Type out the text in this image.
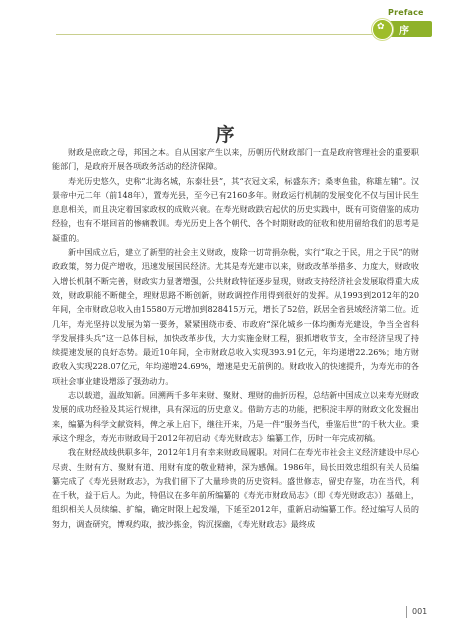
Preface
✿ 序
序

财政是庶政之母，邦国之本。自从国家产生以来，历朝历代财政部门一直是政府管理社会的重要职能部门，是政府开展各项政务活动的经济保障。

寿光历史悠久，史称“北海名城，东泰壮县”，其“衣冠文采，标盛东齐；桑枣鱼盐，称雄左辅”。汉景帝中元二年（前148年），置寿光县，至今已有2160多年。财政运行机制的发展变化不仅与国计民生息息相关，而且决定着国家政权的成败兴衰。在寿光财政跌宕起伏的历史实践中，既有可资借鉴的成功经验，也有不堪回首的惨痛教训。寿光历史上各个朝代、各个时期财政的征收和使用留给我们的思考是凝重的。

新中国成立后，建立了新型的社会主义财政，废除一切苛捐杂税，实行“取之于民，用之于民”的财政政策，努力促产增收，迅速发展国民经济。尤其是寿光建市以来，财政改革举措多、力度大，财政收入增长机制不断完善，财政实力显著增强，公共财政特征逐步显现，财政支持经济社会发展取得重大成效，财政职能不断健全，理财思路不断创新，财政调控作用得到很好的发挥。从1993到2012年的20年间，全市财政总收入由15580万元增加到828415万元，增长了52倍，跃居全省县域经济第二位。近几年，寿光坚持以发展为第一要务，紧紧围绕市委、市政府“深化城乡一体均衡寿光建设，争当全省科学发展排头兵”这一总体目标，加快改革步伐，大力实施金财工程，狠抓增收节支，全市经济呈现了持续提速发展的良好态势。最近10年间，全市财政总收入实现393.91亿元，年均递增22.26%；地方财政收入实现228.07亿元，年均递增24.69%，增速是史无前例的。财政收入的快速提升，为寿光市的各项社会事业建设增添了强劲动力。

志以载道，温故知新。回溯两千多年来财、聚财、理财的曲折历程，总结新中国成立以来寿光财政发展的成功经验及其运行规律，具有深远的历史意义。借助方志的功能，把积淀丰厚的财政文化发掘出来，编纂为科学文献资料，俾之承上启下，继往开来，乃是一件“服务当代，垂鉴后世”的千秋大业。秉承这个理念，寿光市财政局于2012年初启动《寿光财政志》编纂工作，历时一年完成初稿。

我在财经战线供职多年，2012年1月有幸来财政局履职。对同仁在寿光市社会主义经济建设中尽心尽责、生财有方、聚财有道、用财有度的敬业精神，深为感佩。1986年，局长田效忠组织有关人员编纂完成了《寿光县财政志》，为我们留下了大量珍贵的历史资料。盛世修志，留史存鉴，功在当代，利在千秋，益于后人。为此，特倡议在多年前所编纂的《寿光市财政局志》（即《寿光财政志》）基础上，组织相关人员续编、扩编，确定时限上起发端，下延至2012年，重新启动编纂工作。经过编写人员的努力，调查研究，博观约取，披沙拣金，钩沉探幽，《寿光财政志》最终成

001
